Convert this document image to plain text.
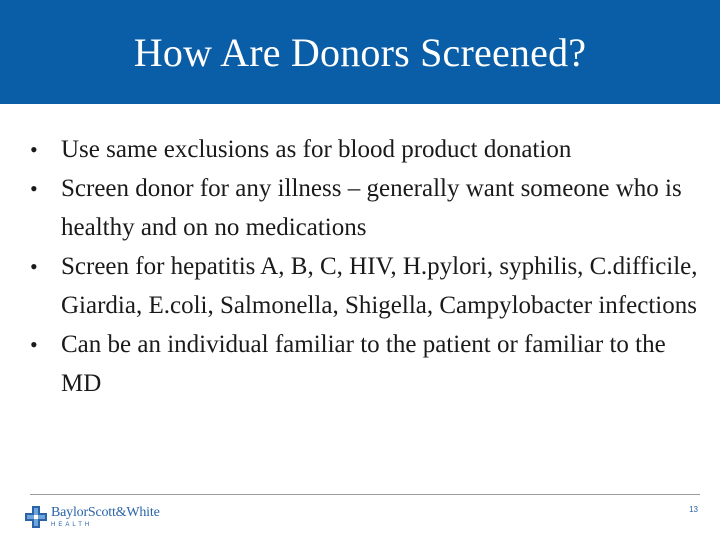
How Are Donors Screened?
• Use same exclusions as for blood product donation
• Screen donor for any illness – generally want someone who is healthy and on no medications
• Screen for hepatitis A, B, C, HIV, H.pylori, syphilis, C.difficile, Giardia, E.coli, Salmonella, Shigella, Campylobacter infections
• Can be an individual familiar to the patient or familiar to the MD
BaylorScott&White
HEALTH
13
